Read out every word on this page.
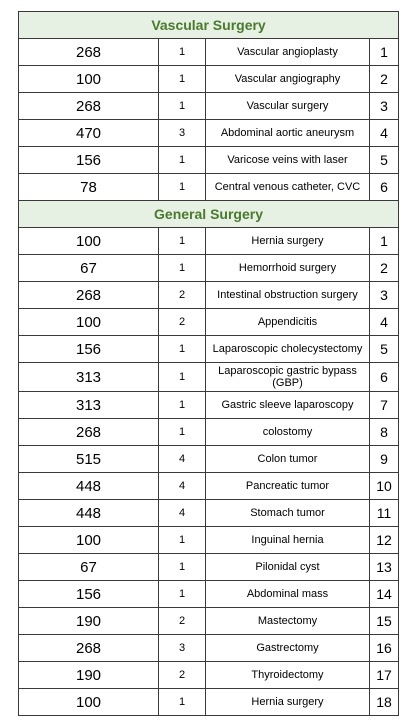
Vascular Surgery			
268	1	Vascular angioplasty	1
100	1	Vascular angiography	2
268	1	Vascular surgery	3
470	3	Abdominal aortic aneurysm	4
156	1	Varicose veins with laser	5
78	1	Central venous catheter, CVC	6
General Surgery			
100	1	Hernia surgery	1
67	1	Hemorrhoid surgery	2
268	2	Intestinal obstruction surgery	3
100	2	Appendicitis	4
156	1	Laparoscopic cholecystectomy	5
313	1	Laparoscopic gastric bypass (GBP)	6
313	1	Gastric sleeve laparoscopy	7
268	1	colostomy	8
515	4	Colon tumor	9
448	4	Pancreatic tumor	10
448	4	Stomach tumor	11
100	1	Inguinal hernia	12
67	1	Pilonidal cyst	13
156	1	Abdominal mass	14
190	2	Mastectomy	15
268	3	Gastrectomy	16
190	2	Thyroidectomy	17
100	1	Hernia surgery	18
